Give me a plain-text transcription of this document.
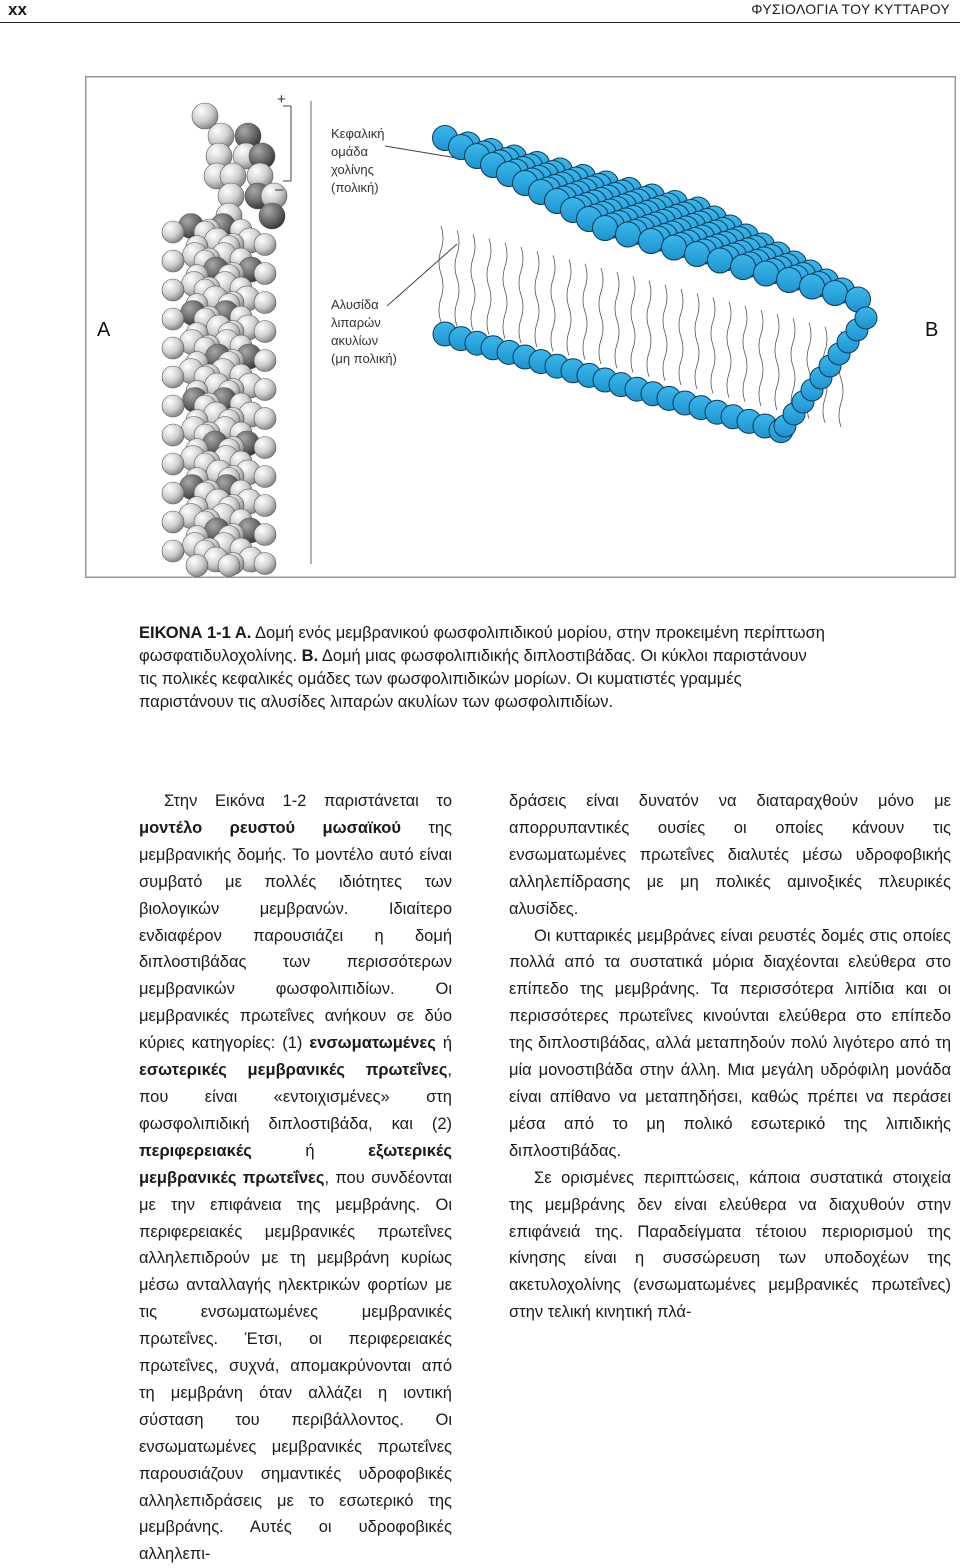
xx	ΦΥΣΙΟΛΟΓΙΑ ΤΟΥ ΚΥΤΤΑΡΟΥ
+
–
A	B
Κεφαλική
ομάδα
χολίνης
(πολική)
Αλυσίδα
λιπαρών
ακυλίων
(μη πολική)
ΕΙΚΟΝΑ 1-1 Α. Δομή ενός μεμβρανικού φωσφολιπιδικού μορίου, στην προκειμένη περίπτωση φωσφατιδυλοχολίνης. Β. Δομή μιας φωσφολιπιδικής διπλοστιβάδας. Οι κύκλοι παριστάνουν τις πολικές κεφαλικές ομάδες των φωσφολιπιδικών μορίων. Οι κυματιστές γραμμές παριστάνουν τις αλυσίδες λιπαρών ακυλίων των φωσφολιπιδίων.

Στην Εικόνα 1-2 παριστάνεται το μοντέλο ρευστού μωσαϊκού της μεμβρανικής δομής. Το μοντέλο αυτό είναι συμβατό με πολλές ιδιότητες των βιολογικών μεμβρανών. Ιδιαίτερο ενδιαφέρον παρουσιάζει η δομή διπλοστιβάδας των περισσότερων μεμβρανικών φωσφολιπιδίων. Οι μεμβρανικές πρωτεΐνες ανήκουν σε δύο κύριες κατηγορίες: (1) ενσωματωμένες ή εσωτερικές μεμβρανικές πρωτεΐνες, που είναι «εντοιχισμένες» στη φωσφολιπιδική διπλοστιβάδα, και (2) περιφερειακές ή εξωτερικές μεμβρανικές πρωτεΐνες, που συνδέονται με την επιφάνεια της μεμβράνης. Οι περιφερειακές μεμβρανικές πρωτεΐνες αλληλεπιδρούν με τη μεμβράνη κυρίως μέσω ανταλλαγής ηλεκτρικών φορτίων με τις ενσωματωμένες μεμβρανικές πρωτεΐνες. Έτσι, οι περιφερειακές πρωτεΐνες, συχνά, απομακρύνονται από τη μεμβράνη όταν αλλάζει η ιοντική σύσταση του περιβάλλοντος. Οι ενσωματωμένες μεμβρανικές πρωτεΐνες παρουσιάζουν σημαντικές υδροφοβικές αλληλεπιδράσεις με το εσωτερικό της μεμβράνης. Αυτές οι υδροφοβικές αλληλεπι-

δράσεις είναι δυνατόν να διαταραχθούν μόνο με απορρυπαντικές ουσίες οι οποίες κάνουν τις ενσωματωμένες πρωτεΐνες διαλυτές μέσω υδροφοβικής αλληλεπίδρασης με μη πολικές αμινοξικές πλευρικές αλυσίδες.

Οι κυτταρικές μεμβράνες είναι ρευστές δομές στις οποίες πολλά από τα συστατικά μόρια διαχέονται ελεύθερα στο επίπεδο της μεμβράνης. Τα περισσότερα λιπίδια και οι περισσότερες πρωτεΐνες κινούνται ελεύθερα στο επίπεδο της διπλοστιβάδας, αλλά μεταπηδούν πολύ λιγότερο από τη μία μονοστιβάδα στην άλλη. Μια μεγάλη υδρόφιλη μονάδα είναι απίθανο να μεταπηδήσει, καθώς πρέπει να περάσει μέσα από το μη πολικό εσωτερικό της λιπιδικής διπλοστιβάδας.

Σε ορισμένες περιπτώσεις, κάποια συστατικά στοιχεία της μεμβράνης δεν είναι ελεύθερα να διαχυθούν στην επιφάνειά της. Παραδείγματα τέτοιου περιορισμού της κίνησης είναι η συσσώρευση των υποδοχέων της ακετυλοχολίνης (ενσωματωμένες μεμβρανικές πρωτεΐνες) στην τελική κινητική πλά-
